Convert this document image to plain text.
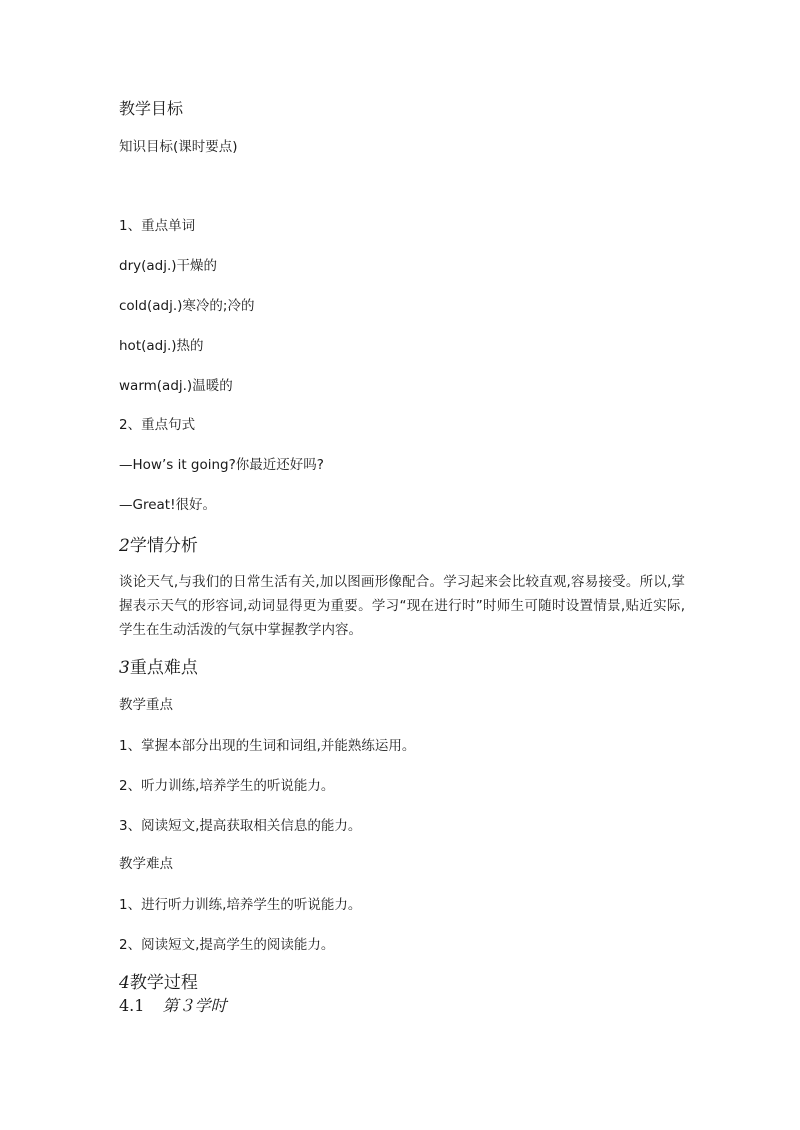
教学目标
知识目标(课时要点)
1、重点单词
dry(adj.)干燥的
cold(adj.)寒冷的;冷的
hot(adj.)热的
warm(adj.)温暖的
2、重点句式
—How’s it going?你最近还好吗?
—Great!很好。
2学情分析
谈论天气,与我们的日常生活有关,加以图画形像配合。学习起来会比较直观,容易接受。所以,掌握表示天气的形容词,动词显得更为重要。学习“现在进行时”时师生可随时设置情景,贴近实际,学生在生动活泼的气氛中掌握教学内容。
3重点难点
教学重点
1、掌握本部分出现的生词和词组,并能熟练运用。
2、听力训练,培养学生的听说能力。
3、阅读短文,提高获取相关信息的能力。
教学难点
1、进行听力训练,培养学生的听说能力。
2、阅读短文,提高学生的阅读能力。
4教学过程
4.1 第３学时
